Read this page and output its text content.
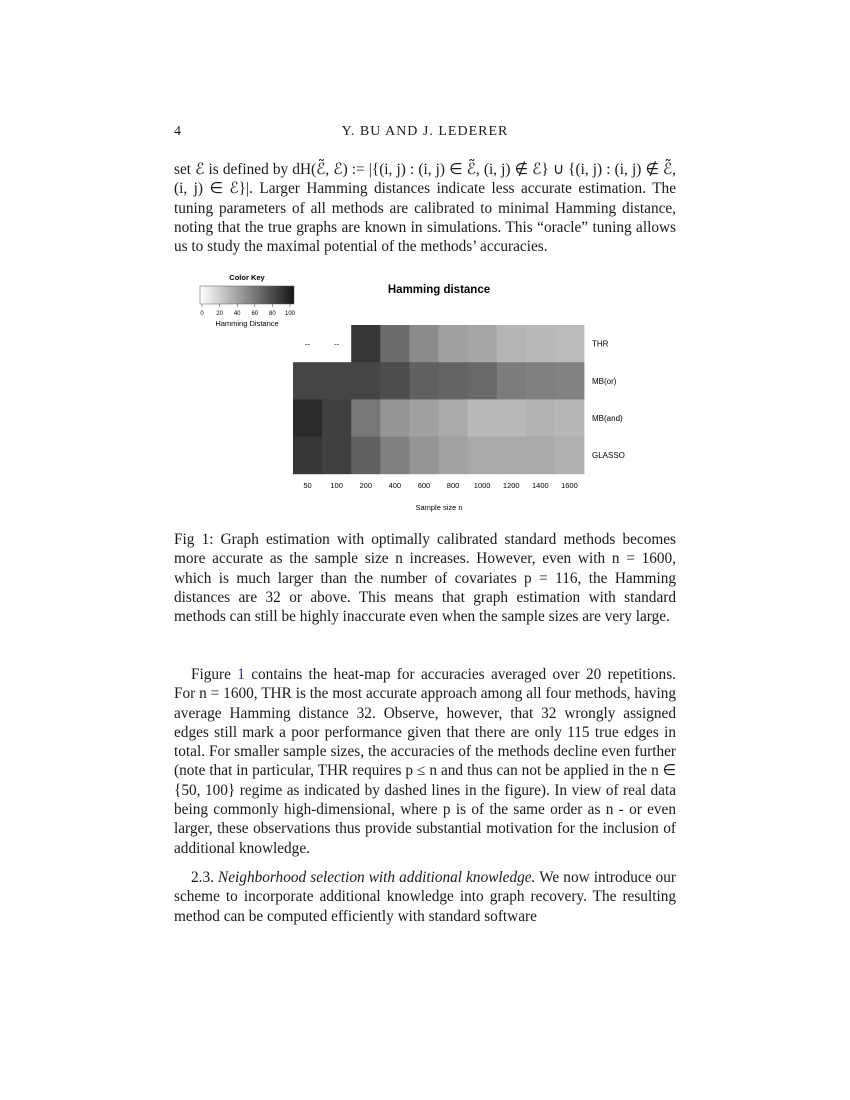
4	Y. BU AND J. LEDERER

set ℰ is defined by dH(ℰ̃, ℰ) := |{(i, j) : (i, j) ∈ ℰ̃, (i, j) ∉ ℰ} ∪ {(i, j) : (i, j) ∉ ℰ̃, (i, j) ∈ ℰ}|. Larger Hamming distances indicate less accurate estimation. The tuning parameters of all methods are calibrated to minimal Hamming distance, noting that the true graphs are known in simulations. This “oracle” tuning allows us to study the maximal potential of the methods’ accuracies.

Color Key
0 20 40 60 80 100
Hamming Distance
Hamming distance
--	--	THR
MB(or)
MB(and)
GLASSO
50 100 200 400 600 800 1000 1200 1400 1600
Sample size n

Fig 1: Graph estimation with optimally calibrated standard methods becomes more accurate as the sample size n increases. However, even with n = 1600, which is much larger than the number of covariates p = 116, the Hamming distances are 32 or above. This means that graph estimation with standard methods can still be highly inaccurate even when the sample sizes are very large.

Figure 1 contains the heat-map for accuracies averaged over 20 repetitions. For n = 1600, THR is the most accurate approach among all four methods, having average Hamming distance 32. Observe, however, that 32 wrongly assigned edges still mark a poor performance given that there are only 115 true edges in total. For smaller sample sizes, the accuracies of the methods decline even further (note that in particular, THR requires p ≤ n and thus can not be applied in the n ∈ {50, 100} regime as indicated by dashed lines in the figure). In view of real data being commonly high-dimensional, where p is of the same order as n - or even larger, these observations thus provide substantial motivation for the inclusion of additional knowledge.

2.3. Neighborhood selection with additional knowledge. We now introduce our scheme to incorporate additional knowledge into graph recovery. The resulting method can be computed efficiently with standard software
